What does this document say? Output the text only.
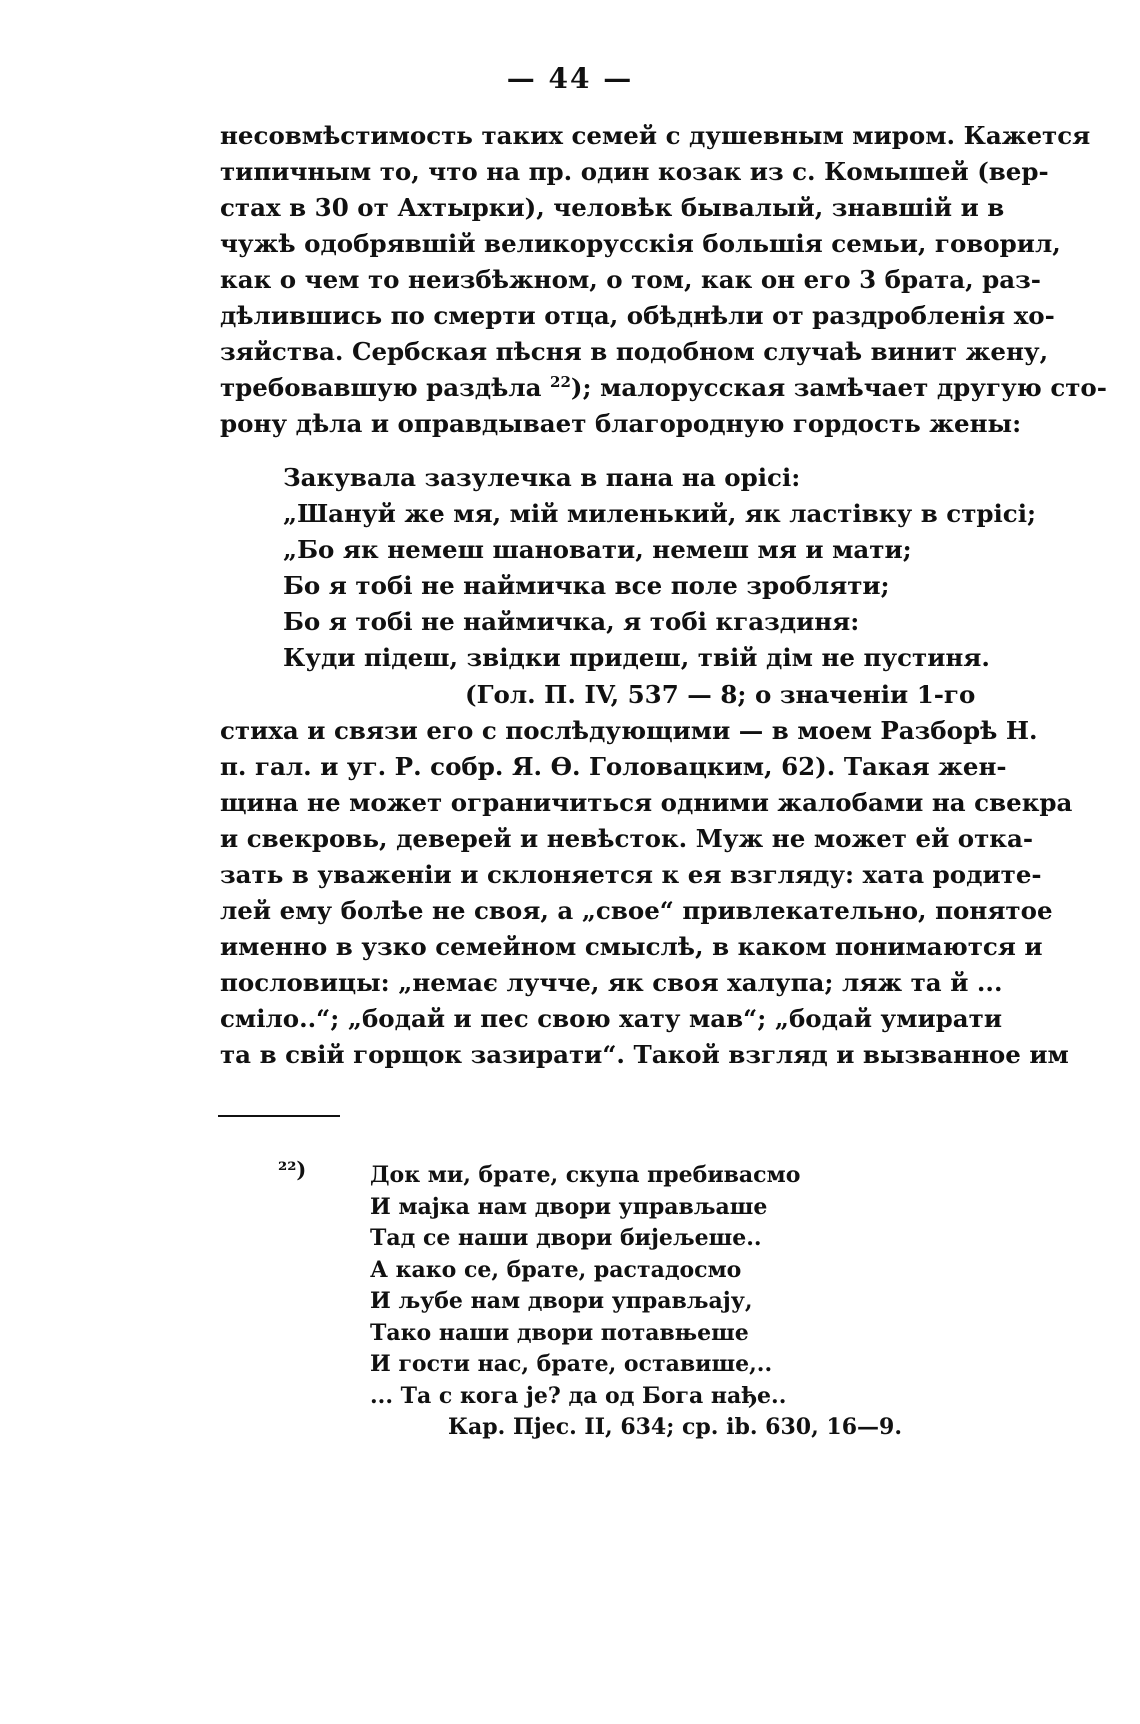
— 44 —
несовмѣстимость таких семей с душевным миром. Кажется
типичным то, что на пр. один козак из с. Комышей (вер-
стах в 30 от Ахтырки), человѣк бывалый, знавшій и в
чужѣ одобрявшій великорусскія большія семьи, говорил,
как о чем то неизбѣжном, о том, как он его 3 брата, раз-
дѣлившись по смерти отца, обѣднѣли от раздробленія хо-
зяйства. Сербская пѣсня в подобном случаѣ винит жену,
требовавшую раздѣла $^{22}$); малорусская замѣчает другую сто-
рону дѣла и оправдывает благородную гордость жены:
Закувала зазулечка в пана на орісі:
„Шануй же мя, мій миленький, як ластівку в стрісі;
„Бо як немеш шановати, немеш мя и мати;
Бо я тобі не наймичка все поле зробляти;
Бо я тобі не наймичка, я тобі кгаздиня:
Куди підеш, звідки придеш, твій дім не пустиня.
(Гол. П. IV, 537 — 8; о значеніи 1-го
стиха и связи его с послѣдующими — в моем Разборѣ Н.
п. гал. и уг. Р. собр. Я. Ѳ. Головацким, 62). Такая жен-
щина не может ограничиться одними жалобами на свекра
и свекровь, деверей и невѣсток. Муж не может ей отка-
зать в уваженіи и склоняется к ея взгляду: хата родите-
лей ему болѣе не своя, а „свое“ привлекательно, понятое
именно в узко семейном смыслѣ, в каком понимаются и
пословицы: „немає лучче, як своя халупа; ляж та й ...
сміло..“; „бодай и пес свою хату мав“; „бодай умирати
та в свій горщок зазирати“. Такой взгляд и вызванное им
²²)	Док ми, брате, скупа пребивасмо
И мајка нам двори управљаше
Тад се наши двори бијељеше..
А како се, брате, растадосмо
И љубе нам двори управљају,
Тако наши двори потавњеше
И гости нас, брате, оставише,..
... Та с кога је? да од Бога нађе..
Кар. Пјес. II, 634; ср. ib. 630, 16—9.
